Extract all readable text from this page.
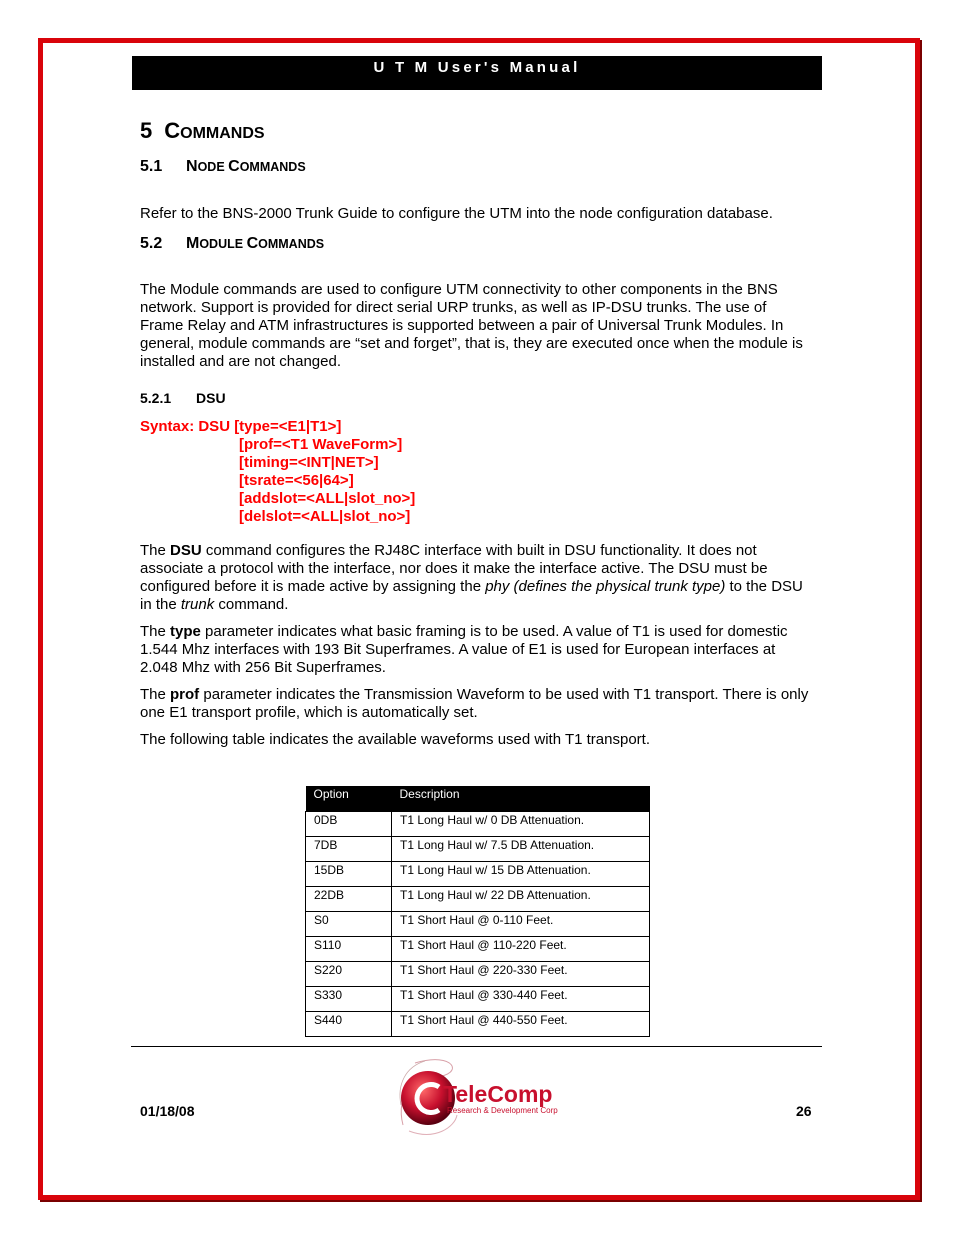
U T M User's Manual
5 COMMANDS
5.1 NODE COMMANDS
Refer to the BNS-2000 Trunk Guide to configure the UTM into the node configuration database.
5.2 MODULE COMMANDS
The Module commands are used to configure UTM connectivity to other components in the BNS network. Support is provided for direct serial URP trunks, as well as IP-DSU trunks. The use of Frame Relay and ATM infrastructures is supported between a pair of Universal Trunk Modules. In general, module commands are “set and forget”, that is, they are executed once when the module is installed and are not changed.
5.2.1 DSU
Syntax: DSU [type=<E1|T1>]
[prof=<T1 WaveForm>]
[timing=<INT|NET>]
[tsrate=<56|64>]
[addslot=<ALL|slot_no>]
[delslot=<ALL|slot_no>]
The DSU command configures the RJ48C interface with built in DSU functionality. It does not associate a protocol with the interface, nor does it make the interface active. The DSU must be configured before it is made active by assigning the phy (defines the physical trunk type) to the DSU in the trunk command.
The type parameter indicates what basic framing is to be used. A value of T1 is used for domestic 1.544 Mhz interfaces with 193 Bit Superframes. A value of E1 is used for European interfaces at 2.048 Mhz with 256 Bit Superframes.
The prof parameter indicates the Transmission Waveform to be used with T1 transport. There is only one E1 transport profile, which is automatically set.
The following table indicates the available waveforms used with T1 transport.
Option	Description
0DB	T1 Long Haul w/ 0 DB Attenuation.
7DB	T1 Long Haul w/ 7.5 DB Attenuation.
15DB	T1 Long Haul w/ 15 DB Attenuation.
22DB	T1 Long Haul w/ 22 DB Attenuation.
S0	T1 Short Haul @ 0-110 Feet.
S110	T1 Short Haul @ 110-220 Feet.
S220	T1 Short Haul @ 220-330 Feet.
S330	T1 Short Haul @ 330-440 Feet.
S440	T1 Short Haul @ 440-550 Feet.
01/18/08	26
TeleComp
Research & Development Corp
